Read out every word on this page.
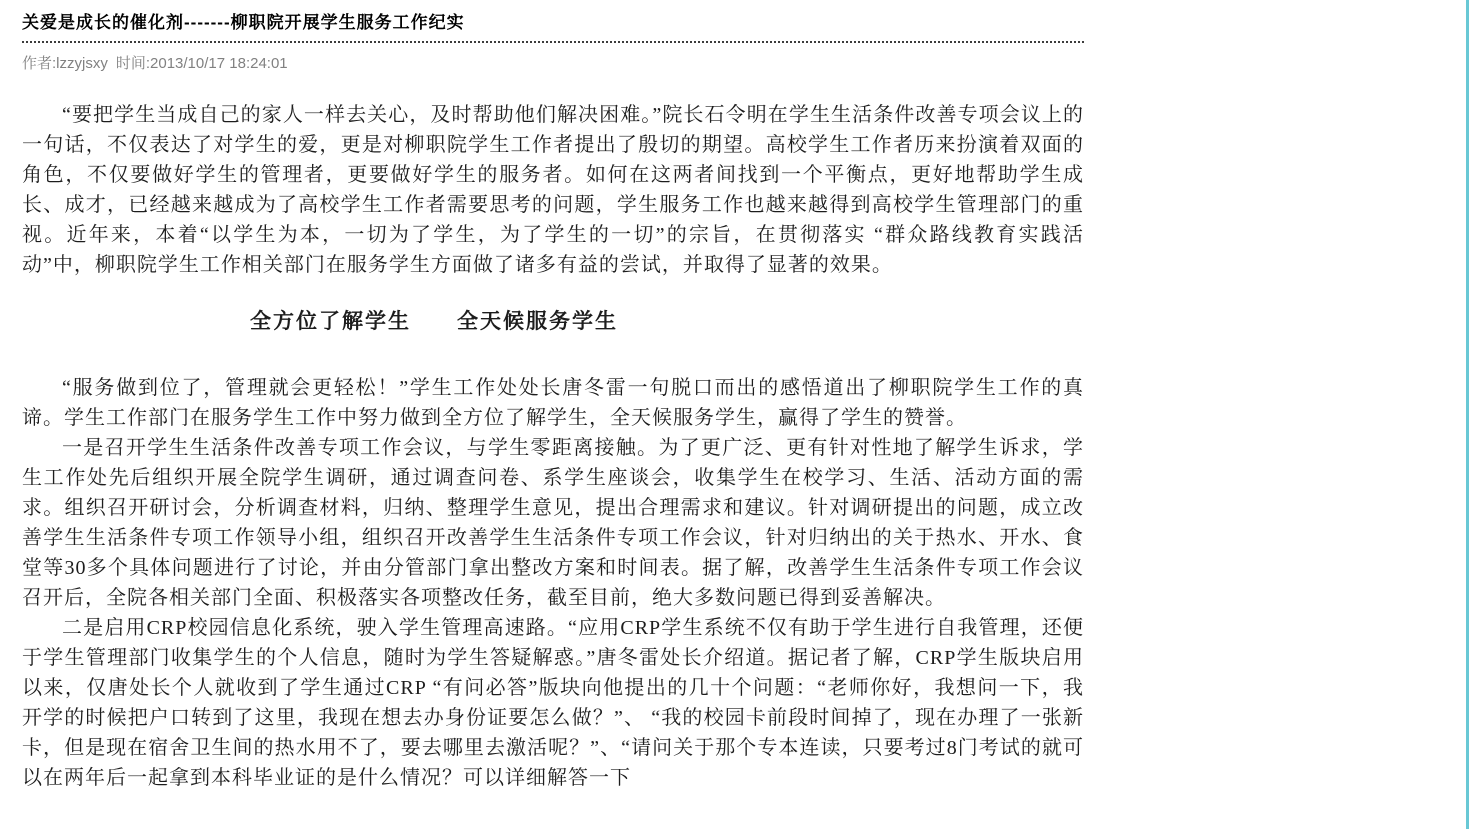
关爱是成长的催化剂-------柳职院开展学生服务工作纪实
作者:lzzyjsxy 时间:2013/10/17 18:24:01

“要把学生当成自己的家人一样去关心，及时帮助他们解决困难。”院长石令明在学生生活条件改善专项会议上的一句话，不仅表达了对学生的爱，更是对柳职院学生工作者提出了殷切的期望。高校学生工作者历来扮演着双面的角色，不仅要做好学生的管理者，更要做好学生的服务者。如何在这两者间找到一个平衡点，更好地帮助学生成长、成才，已经越来越成为了高校学生工作者需要思考的问题，学生服务工作也越来越得到高校学生管理部门的重视。近年来，本着“以学生为本，一切为了学生，为了学生的一切”的宗旨，在贯彻落实 “群众路线教育实践活动”中，柳职院学生工作相关部门在服务学生方面做了诸多有益的尝试，并取得了显著的效果。

全方位了解学生　　全天候服务学生

“服务做到位了，管理就会更轻松！”学生工作处处长唐冬雷一句脱口而出的感悟道出了柳职院学生工作的真谛。学生工作部门在服务学生工作中努力做到全方位了解学生，全天候服务学生，赢得了学生的赞誉。

一是召开学生生活条件改善专项工作会议，与学生零距离接触。为了更广泛、更有针对性地了解学生诉求，学生工作处先后组织开展全院学生调研，通过调查问卷、系学生座谈会，收集学生在校学习、生活、活动方面的需求。组织召开研讨会，分析调查材料，归纳、整理学生意见，提出合理需求和建议。针对调研提出的问题，成立改善学生生活条件专项工作领导小组，组织召开改善学生生活条件专项工作会议，针对归纳出的关于热水、开水、食堂等30多个具体问题进行了讨论，并由分管部门拿出整改方案和时间表。据了解，改善学生生活条件专项工作会议召开后，全院各相关部门全面、积极落实各项整改任务，截至目前，绝大多数问题已得到妥善解决。

二是启用CRP校园信息化系统，驶入学生管理高速路。“应用CRP学生系统不仅有助于学生进行自我管理，还便于学生管理部门收集学生的个人信息，随时为学生答疑解惑。”唐冬雷处长介绍道。据记者了解，CRP学生版块启用以来，仅唐处长个人就收到了学生通过CRP “有问必答”版块向他提出的几十个问题：“老师你好，我想问一下，我开学的时候把户口转到了这里，我现在想去办身份证要怎么做？”、 “我的校园卡前段时间掉了，现在办理了一张新卡，但是现在宿舍卫生间的热水用不了，要去哪里去激活呢？”、“请问关于那个专本连读，只要考过8门考试的就可以在两年后一起拿到本科毕业证的是什么情况？可以详细解答一下
